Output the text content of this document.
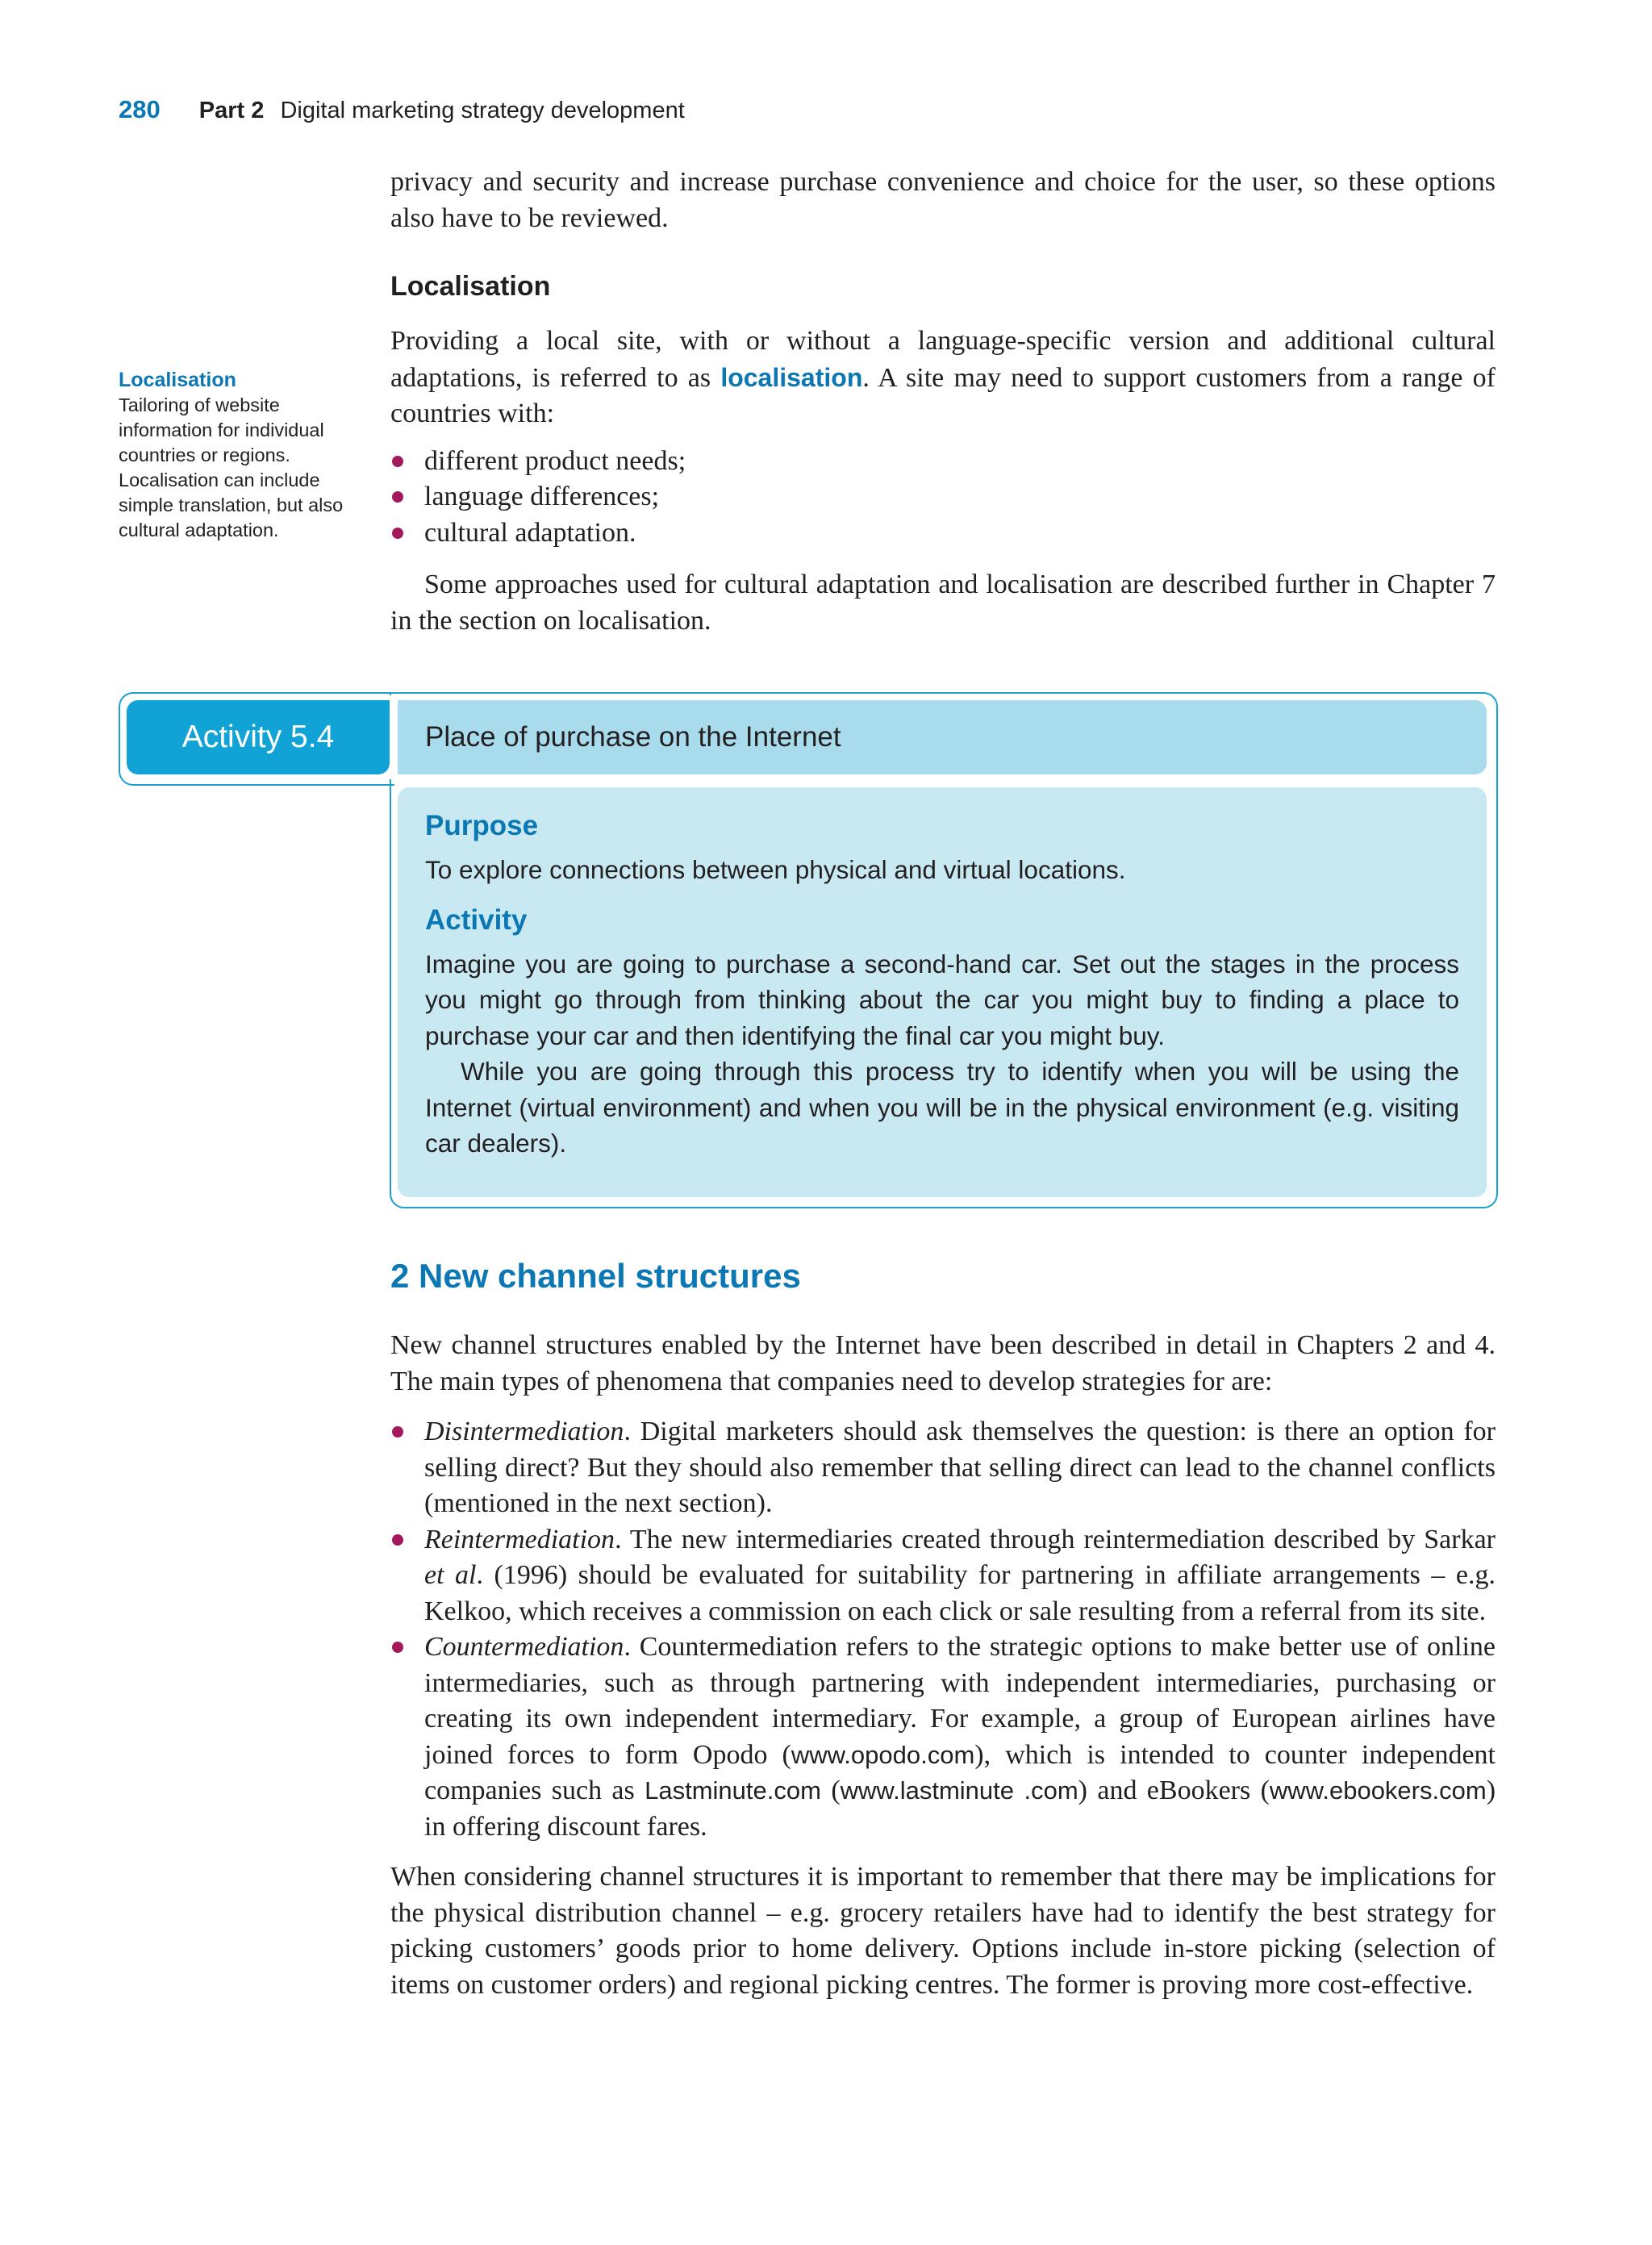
280 Part 2 Digital marketing strategy development

privacy and security and increase purchase convenience and choice for the user, so these options also have to be reviewed.

Localisation

Providing a local site, with or without a language-specific version and additional cultural adaptations, is referred to as localisation. A site may need to support customers from a range of countries with:

different product needs;
language differences;
cultural adaptation.

Some approaches used for cultural adaptation and localisation are described further in Chapter 7 in the section on localisation.

Localisation
Tailoring of website information for individual countries or regions. Localisation can include simple translation, but also cultural adaptation.
Activity 5.4	Place of purchase on the Internet
Purpose

To explore connections between physical and virtual locations.

Activity

Imagine you are going to purchase a second-hand car. Set out the stages in the process you might go through from thinking about the car you might buy to finding a place to purchase your car and then identifying the final car you might buy.

While you are going through this process try to identify when you will be using the Internet (virtual environment) and when you will be in the physical environment (e.g. visiting car dealers).

2 New channel structures

New channel structures enabled by the Internet have been described in detail in Chapters 2 and 4. The main types of phenomena that companies need to develop strategies for are:

Disintermediation. Digital marketers should ask themselves the question: is there an option for selling direct? But they should also remember that selling direct can lead to the channel conflicts (mentioned in the next section).
Reintermediation. The new intermediaries created through reintermediation described by Sarkar et al. (1996) should be evaluated for suitability for partnering in affiliate arrangements – e.g. Kelkoo, which receives a commission on each click or sale resulting from a referral from its site.
Countermediation. Countermediation refers to the strategic options to make better use of online intermediaries, such as through partnering with independent intermediaries, purchasing or creating its own independent intermediary. For example, a group of European airlines have joined forces to form Opodo (www.opodo.com), which is intended to counter independent companies such as Lastminute.com (www.lastminute .com) and eBookers (www.ebookers.com) in offering discount fares.

When considering channel structures it is important to remember that there may be implications for the physical distribution channel – e.g. grocery retailers have had to identify the best strategy for picking customers’ goods prior to home delivery. Options include in-store picking (selection of items on customer orders) and regional picking centres. The former is proving more cost-effective.
